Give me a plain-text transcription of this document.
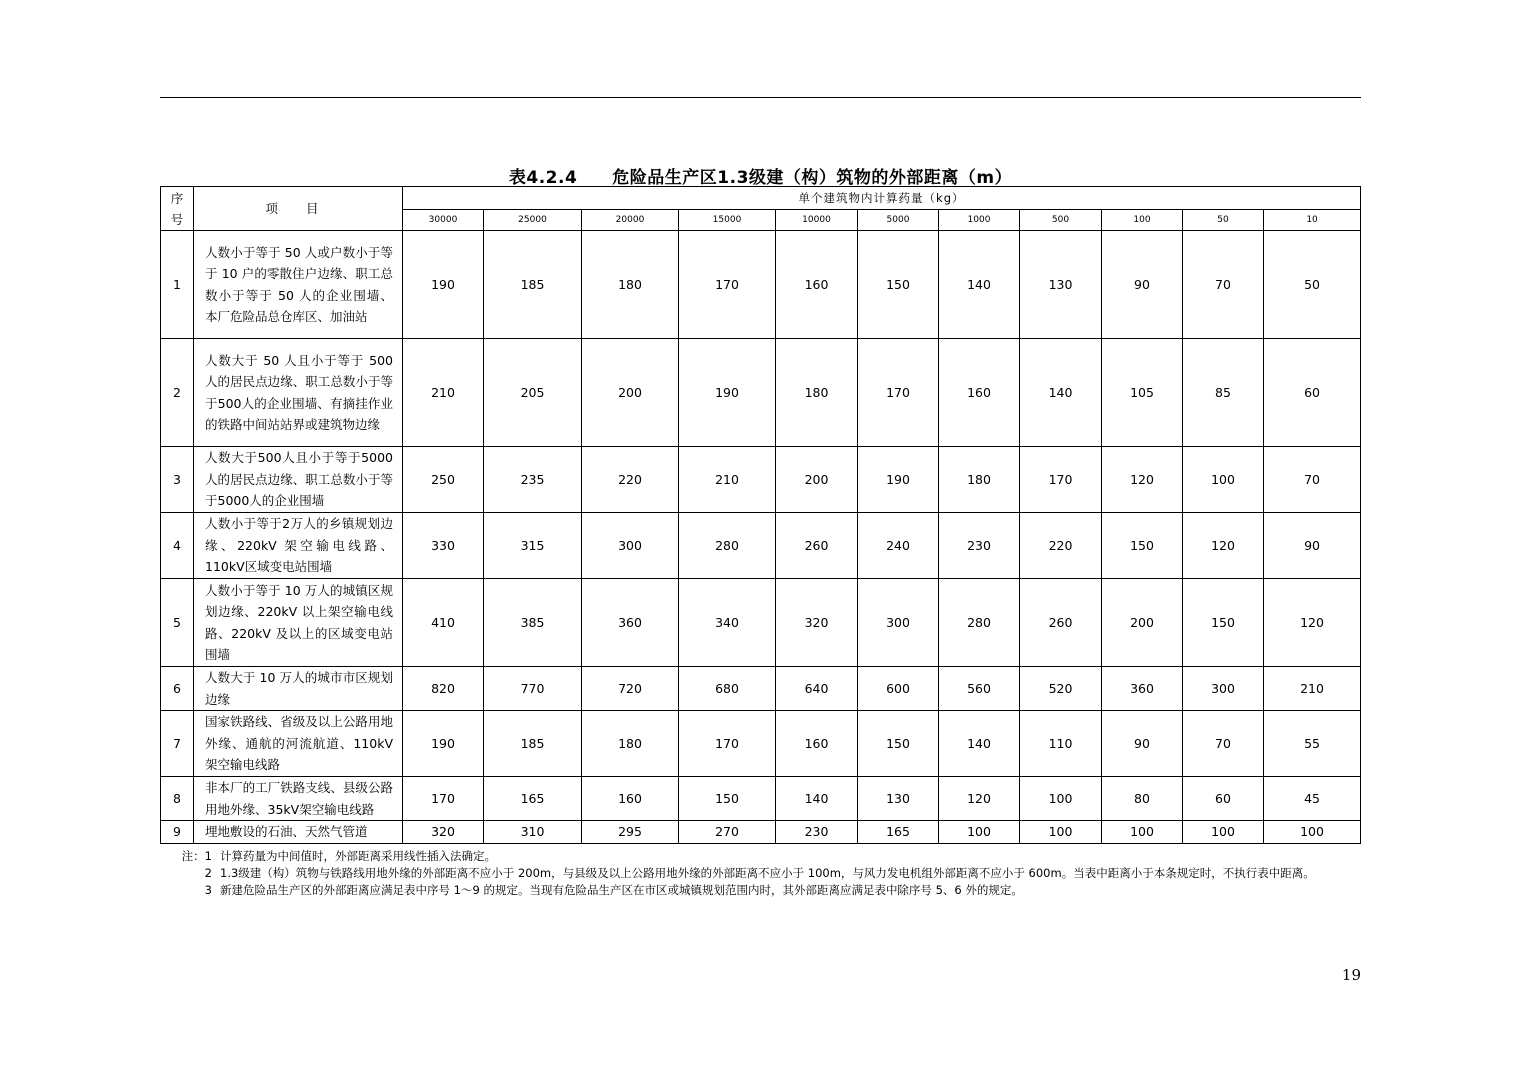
表4.2.4　　危险品生产区1.3级建（构）筑物的外部距离（m）
序
号	项 目	单个建筑物内计算药量（kg）										
		30000	25000	20000	15000	10000	5000	1000	500	100	50	10
1	人数小于等于 50 人或户数小于等于 10 户的零散住户边缘、职工总数小于等于 50 人的企业围墙、 本厂危险品总仓库区、加油站	190	185	180	170	160	150	140	130	90	70	50
2	人数大于 50 人且小于等于 500 人的居民点边缘、职工总数小于等于500人的企业围墙、有摘挂作业的铁路中间站站界或建筑物边缘	210	205	200	190	180	170	160	140	105	85	60
3	人数大于500人且小于等于5000人的居民点边缘、职工总数小于等于5000人的企业围墙	250	235	220	210	200	190	180	170	120	100	70
4	人数小于等于2万人的乡镇规划边缘、220kV 架空输电线路、110kV区域变电站围墙	330	315	300	280	260	240	230	220	150	120	90
5	人数小于等于 10 万人的城镇区规划边缘、220kV 以上架空输电线路、220kV 及以上的区域变电站围墙	410	385	360	340	320	300	280	260	200	150	120
6	人数大于 10 万人的城市市区规划边缘	820	770	720	680	640	600	560	520	360	300	210
7	国家铁路线、省级及以上公路用地外缘、通航的河流航道、110kV架空输电线路	190	185	180	170	160	150	140	110	90	70	55
8	非本厂的工厂铁路支线、县级公路用地外缘、35kV架空输电线路	170	165	160	150	140	130	120	100	80	60	45
9	埋地敷设的石油、天然气管道	320	310	295	270	230	165	100	100	100	100	100
注：1 计算药量为中间值时，外部距离采用线性插入法确定。
2 1.3级建（构）筑物与铁路线用地外缘的外部距离不应小于 200m，与县级及以上公路用地外缘的外部距离不应小于 100m，与风力发电机组外部距离不应小于 600m。当表中距离小于本条规定时，不执行表中距离。
3 新建危险品生产区的外部距离应满足表中序号 1～9 的规定。当现有危险品生产区在市区或城镇规划范围内时，其外部距离应满足表中除序号 5、6 外的规定。
19
